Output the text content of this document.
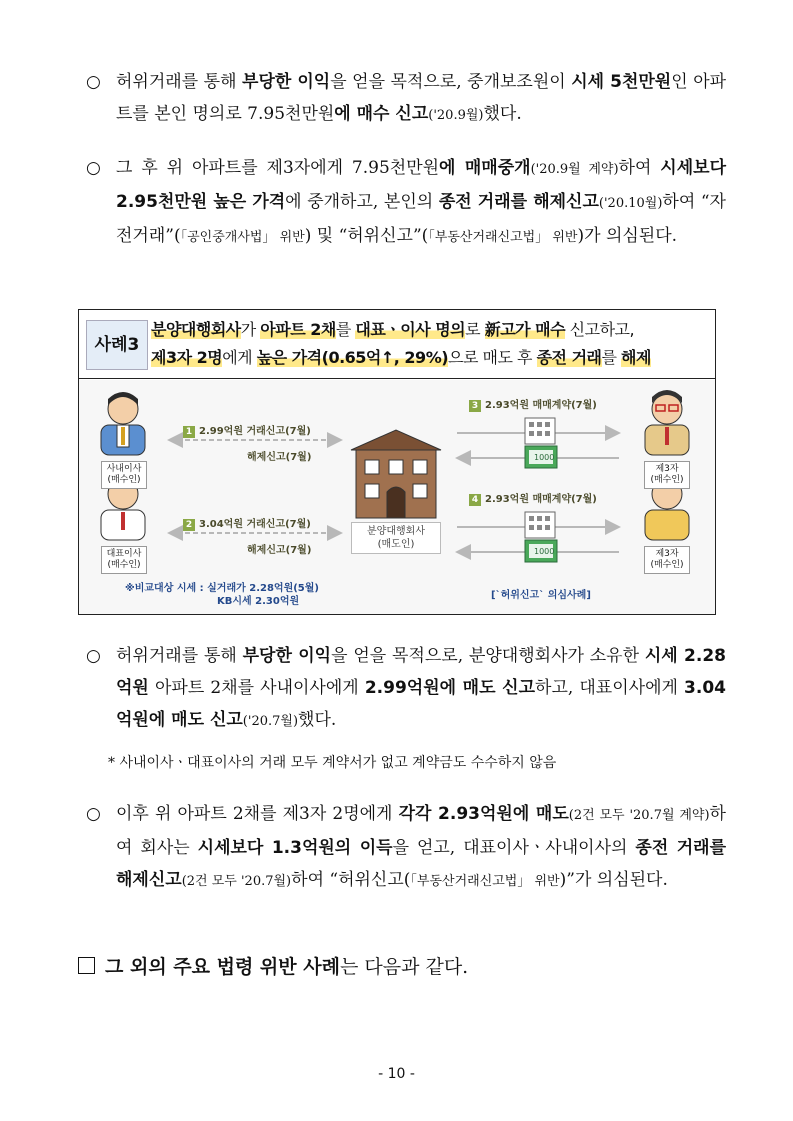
○ 허위거래를 통해 부당한 이익을 얻을 목적으로, 중개보조원이 시세 5천만원인 아파트를 본인 명의로 7.95천만원에 매수 신고('20.9월)했다.
○ 그 후 위 아파트를 제3자에게 7.95천만원에 매매중개('20.9월 계약)하여 시세보다 2.95천만원 높은 가격에 중개하고, 본인의 종전 거래를 해제신고('20.10월)하여 “자전거래”(「공인중개사법」 위반) 및 “허위신고”(「부동산거래신고법」 위반)가 의심된다.
사례3
분양대행회사가 아파트 2채를 대표ㆍ이사 명의로 新고가 매수 신고하고,
제3자 2명에게 높은 가격(0.65억↑, 29%)으로 매도 후 종전 거래를 해제
1000
1000
사내이사
(매수인)
대표이사
(매수인)
제3자
(매수인)
제3자
(매수인)
분양대행회사
(매도인)
1 2.99억원 거래신고(7월)
해제신고(7월)
2 3.04억원 거래신고(7월)
해제신고(7월)
3 2.93억원 매매계약(7월)
4 2.93억원 매매계약(7월)
※비교대상 시세 : 실거래가 2.28억원(5월)
KB시세 2.30억원
[`허위신고` 의심사례]
○ 허위거래를 통해 부당한 이익을 얻을 목적으로, 분양대행회사가 소유한 시세 2.28억원 아파트 2채를 사내이사에게 2.99억원에 매도 신고하고, 대표이사에게 3.04억원에 매도 신고('20.7월)했다.
* 사내이사ㆍ대표이사의 거래 모두 계약서가 없고 계약금도 수수하지 않음
○ 이후 위 아파트 2채를 제3자 2명에게 각각 2.93억원에 매도(2건 모두 '20.7월 계약)하여 회사는 시세보다 1.3억원의 이득을 얻고, 대표이사ㆍ사내이사의 종전 거래를 해제신고(2건 모두 '20.7월)하여 “허위신고(「부동산거래신고법」 위반)”가 의심된다.
그 외의 주요 법령 위반 사례는 다음과 같다.
- 10 -
